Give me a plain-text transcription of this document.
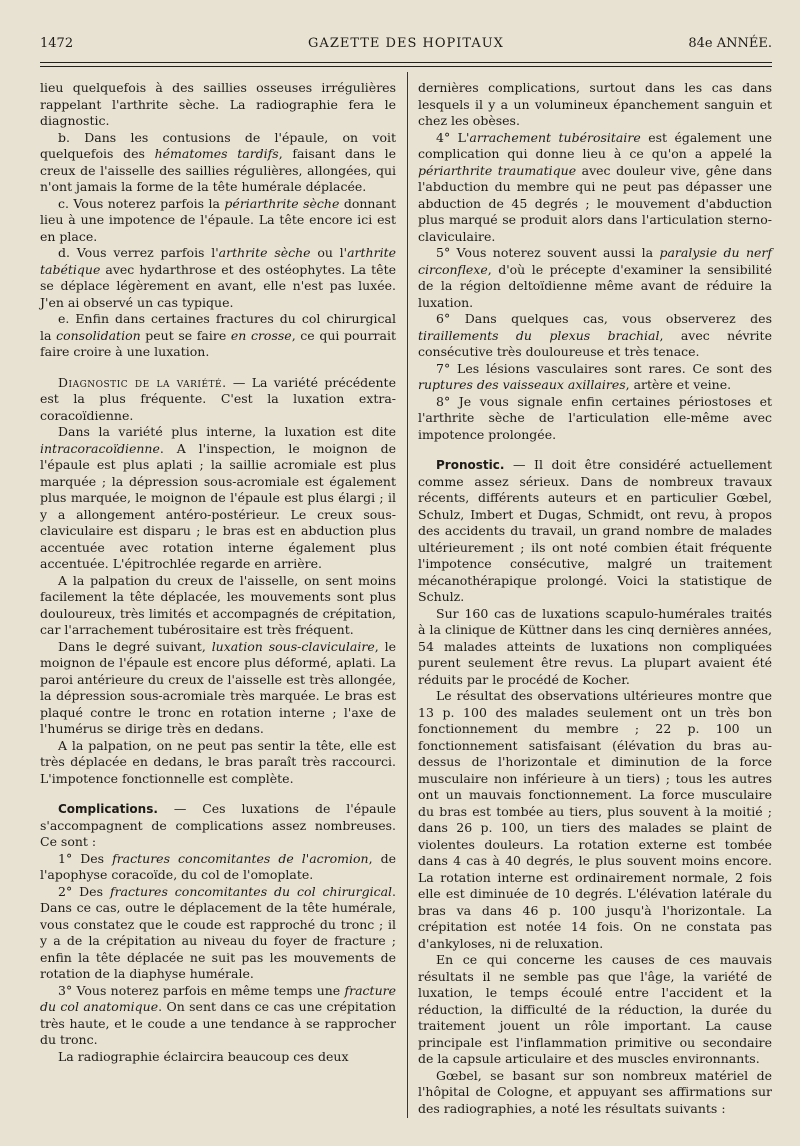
1472	GAZETTE DES HOPITAUX	84e ANNÉE.

lieu quelquefois à des saillies osseuses irrégulières rappelant l'arthrite sèche. La radiographie fera le diagnostic.

b. Dans les contusions de l'épaule, on voit quelquefois des hématomes tardifs, faisant dans le creux de l'aisselle des saillies régulières, allongées, qui n'ont jamais la forme de la tête humérale déplacée.

c. Vous noterez parfois la périarthrite sèche donnant lieu à une impotence de l'épaule. La tête encore ici est en place.

d. Vous verrez parfois l'arthrite sèche ou l'arthrite tabétique avec hydarthrose et des ostéophytes. La tête se déplace légèrement en avant, elle n'est pas luxée. J'en ai observé un cas typique.

e. Enfin dans certaines fractures du col chirurgical la consolidation peut se faire en crosse, ce qui pourrait faire croire à une luxation.

Diagnostic de la variété. — La variété précédente est la plus fréquente. C'est la luxation extra-coracoïdienne.

Dans la variété plus interne, la luxation est dite intracoracoïdienne. A l'inspection, le moignon de l'épaule est plus aplati ; la saillie acromiale est plus marquée ; la dépression sous-acromiale est également plus marquée, le moignon de l'épaule est plus élargi ; il y a allongement antéro-postérieur. Le creux sous-claviculaire est disparu ; le bras est en abduction plus accentuée avec rotation interne également plus accentuée. L'épitrochlée regarde en arrière.

A la palpation du creux de l'aisselle, on sent moins facilement la tête déplacée, les mouvements sont plus douloureux, très limités et accompagnés de crépitation, car l'arrachement tubérositaire est très fréquent.

Dans le degré suivant, luxation sous-claviculaire, le moignon de l'épaule est encore plus déformé, aplati. La paroi antérieure du creux de l'aisselle est très allongée, la dépression sous-acromiale très marquée. Le bras est plaqué contre le tronc en rotation interne ; l'axe de l'humérus se dirige très en dedans.

A la palpation, on ne peut pas sentir la tête, elle est très déplacée en dedans, le bras paraît très raccourci. L'impotence fonctionnelle est complète.

Complications. — Ces luxations de l'épaule s'accompagnent de complications assez nombreuses. Ce sont :

1° Des fractures concomitantes de l'acromion, de l'apophyse coracoïde, du col de l'omoplate.

2° Des fractures concomitantes du col chirurgical. Dans ce cas, outre le déplacement de la tête humérale, vous constatez que le coude est rapproché du tronc ; il y a de la crépitation au niveau du foyer de fracture ; enfin la tête déplacée ne suit pas les mouvements de rotation de la diaphyse humérale.

3° Vous noterez parfois en même temps une fracture du col anatomique. On sent dans ce cas une crépitation très haute, et le coude a une tendance à se rapprocher du tronc.

La radiographie éclaircira beaucoup ces deux

dernières complications, surtout dans les cas dans lesquels il y a un volumineux épanchement sanguin et chez les obèses.

4° L'arrachement tubérositaire est également une complication qui donne lieu à ce qu'on a appelé la périarthrite traumatique avec douleur vive, gêne dans l'abduction du membre qui ne peut pas dépasser une abduction de 45 degrés ; le mouvement d'abduction plus marqué se produit alors dans l'articulation sterno-claviculaire.

5° Vous noterez souvent aussi la paralysie du nerf circonflexe, d'où le précepte d'examiner la sensibilité de la région deltoïdienne même avant de réduire la luxation.

6° Dans quelques cas, vous observerez des tiraillements du plexus brachial, avec névrite consécutive très douloureuse et très tenace.

7° Les lésions vasculaires sont rares. Ce sont des ruptures des vaisseaux axillaires, artère et veine.

8° Je vous signale enfin certaines périostoses et l'arthrite sèche de l'articulation elle-même avec impotence prolongée.

Pronostic. — Il doit être considéré actuellement comme assez sérieux. Dans de nombreux travaux récents, différents auteurs et en particulier Gœbel, Schulz, Imbert et Dugas, Schmidt, ont revu, à propos des accidents du travail, un grand nombre de malades ultérieurement ; ils ont noté combien était fréquente l'impotence consécutive, malgré un traitement mécanothérapique prolongé. Voici la statistique de Schulz.

Sur 160 cas de luxations scapulo-humérales traités à la clinique de Küttner dans les cinq dernières années, 54 malades atteints de luxations non compliquées purent seulement être revus. La plupart avaient été réduits par le procédé de Kocher.

Le résultat des observations ultérieures montre que 13 p. 100 des malades seulement ont un très bon fonctionnement du membre ; 22 p. 100 un fonctionnement satisfaisant (élévation du bras au-dessus de l'horizontale et diminution de la force musculaire non inférieure à un tiers) ; tous les autres ont un mauvais fonctionnement. La force musculaire du bras est tombée au tiers, plus souvent à la moitié ; dans 26 p. 100, un tiers des malades se plaint de violentes douleurs. La rotation externe est tombée dans 4 cas à 40 degrés, le plus souvent moins encore. La rotation interne est ordinairement normale, 2 fois elle est diminuée de 10 degrés. L'élévation latérale du bras va dans 46 p. 100 jusqu'à l'horizontale. La crépitation est notée 14 fois. On ne constata pas d'ankyloses, ni de reluxation.

En ce qui concerne les causes de ces mauvais résultats il ne semble pas que l'âge, la variété de luxation, le temps écoulé entre l'accident et la réduction, la difficulté de la réduction, la durée du traitement jouent un rôle important. La cause principale est l'inflammation primitive ou secondaire de la capsule articulaire et des muscles environnants.

Gœbel, se basant sur son nombreux matériel de l'hôpital de Cologne, et appuyant ses affirmations sur des radiographies, a noté les résultats suivants :
